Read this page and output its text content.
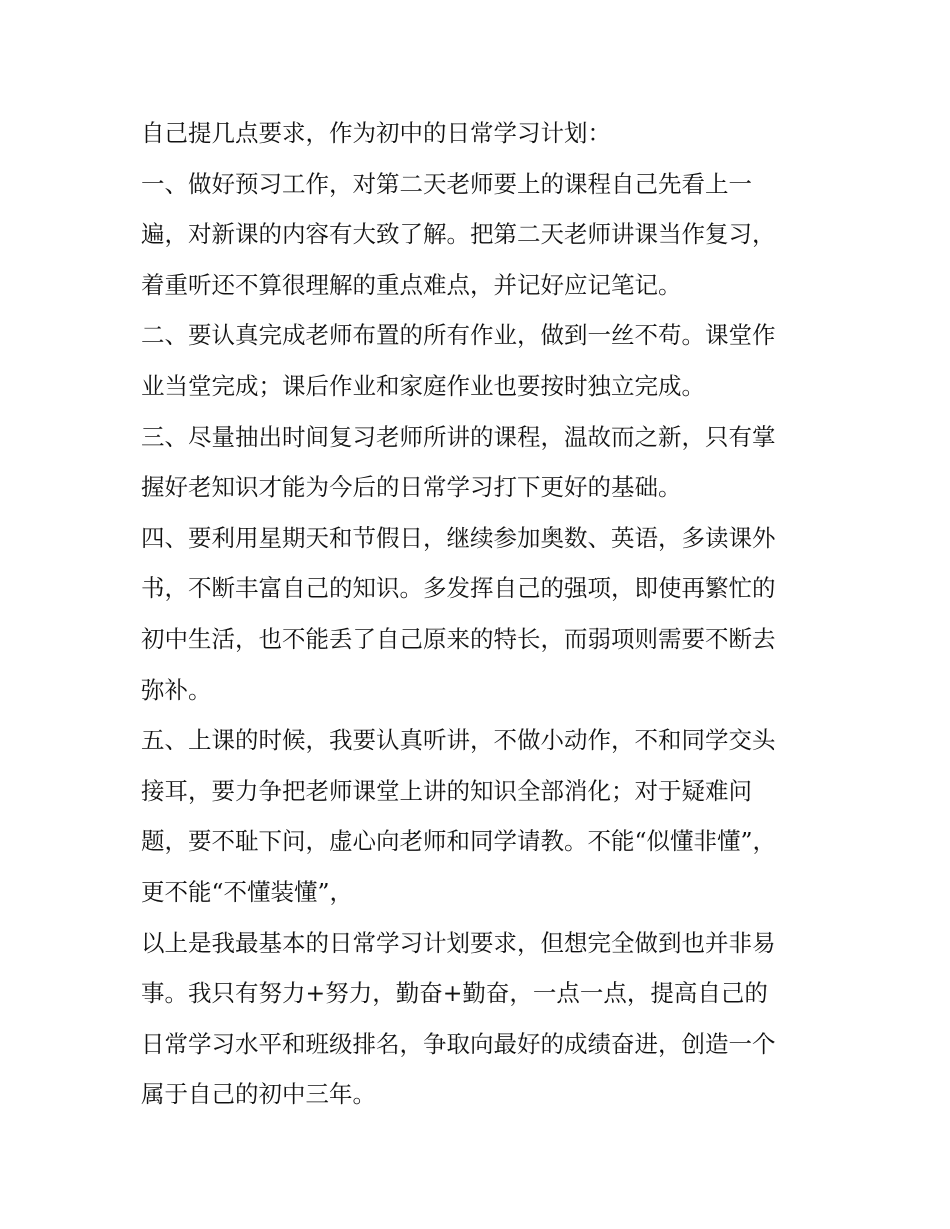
自己提几点要求，作为初中的日常学习计划：
一、做好预习工作，对第二天老师要上的课程自己先看上一
遍，对新课的内容有大致了解。把第二天老师讲课当作复习，
着重听还不算很理解的重点难点，并记好应记笔记。
二、要认真完成老师布置的所有作业，做到一丝不苟。课堂作
业当堂完成；课后作业和家庭作业也要按时独立完成。
三、尽量抽出时间复习老师所讲的课程，温故而之新，只有掌
握好老知识才能为今后的日常学习打下更好的基础。
四、要利用星期天和节假日，继续参加奥数、英语，多读课外
书，不断丰富自己的知识。多发挥自己的强项，即使再繁忙的
初中生活，也不能丢了自己原来的特长，而弱项则需要不断去
弥补。
五、上课的时候，我要认真听讲，不做小动作，不和同学交头
接耳，要力争把老师课堂上讲的知识全部消化；对于疑难问
题，要不耻下问，虚心向老师和同学请教。不能“似懂非懂”，
更不能“不懂装懂”，
以上是我最基本的日常学习计划要求，但想完全做到也并非易
事。我只有努力+努力，勤奋+勤奋，一点一点，提高自己的
日常学习水平和班级排名，争取向最好的成绩奋进，创造一个
属于自己的初中三年。
